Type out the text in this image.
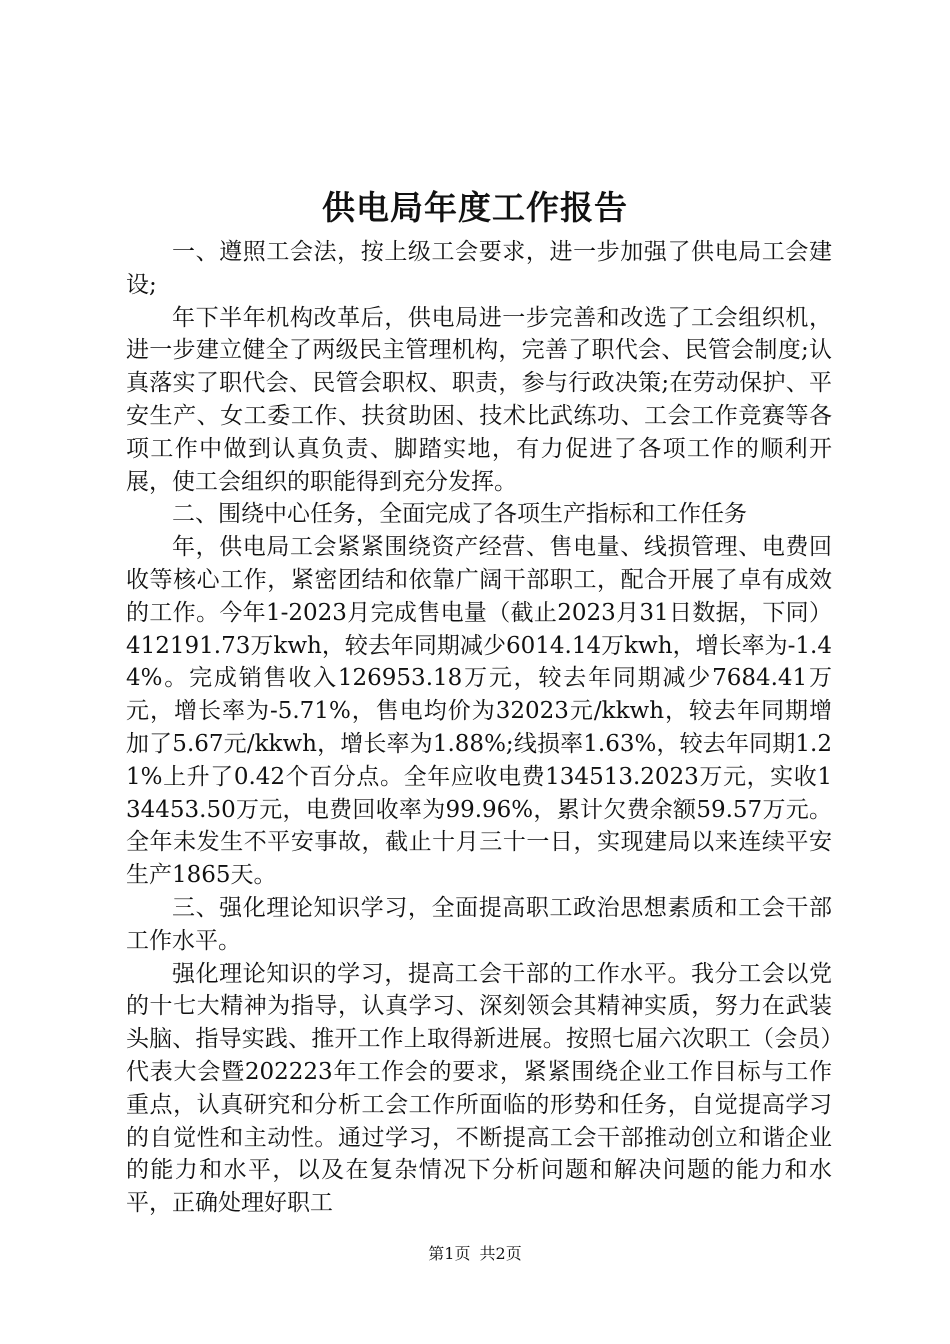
供电局年度工作报告

一、遵照工会法，按上级工会要求，进一步加强了供电局工会建设;

年下半年机构改革后，供电局进一步完善和改选了工会组织机，进一步建立健全了两级民主管理机构，完善了职代会、民管会制度;认真落实了职代会、民管会职权、职责，参与行政决策;在劳动保护、平安生产、女工委工作、扶贫助困、技术比武练功、工会工作竞赛等各项工作中做到认真负责、脚踏实地，有力促进了各项工作的顺利开展，使工会组织的职能得到充分发挥。

二、围绕中心任务，全面完成了各项生产指标和工作任务

年，供电局工会紧紧围绕资产经营、售电量、线损管理、电费回收等核心工作，紧密团结和依靠广阔干部职工，配合开展了卓有成效的工作。今年1-2023月完成售电量（截止2023月31日数据，下同）412191.73万kwh，较去年同期减少6014.14万kwh，增长率为-1.44%。完成销售收入126953.18万元，较去年同期减少7684.41万元，增长率为-5.71%，售电均价为32023元/kkwh，较去年同期增加了5.67元/kkwh，增长率为1.88%;线损率1.63%，较去年同期1.21%上升了0.42个百分点。全年应收电费134513.2023万元，实收134453.50万元，电费回收率为99.96%，累计欠费余额59.57万元。全年未发生不平安事故，截止十月三十一日，实现建局以来连续平安生产1865天。

三、强化理论知识学习，全面提高职工政治思想素质和工会干部工作水平。

强化理论知识的学习，提高工会干部的工作水平。我分工会以党的十七大精神为指导，认真学习、深刻领会其精神实质，努力在武装头脑、指导实践、推开工作上取得新进展。按照七届六次职工（会员）代表大会暨202223年工作会的要求，紧紧围绕企业工作目标与工作重点，认真研究和分析工会工作所面临的形势和任务，自觉提高学习的自觉性和主动性。通过学习，不断提高工会干部推动创立和谐企业的能力和水平，以及在复杂情况下分析问题和解决问题的能力和水平，正确处理好职工

第1页 共2页
